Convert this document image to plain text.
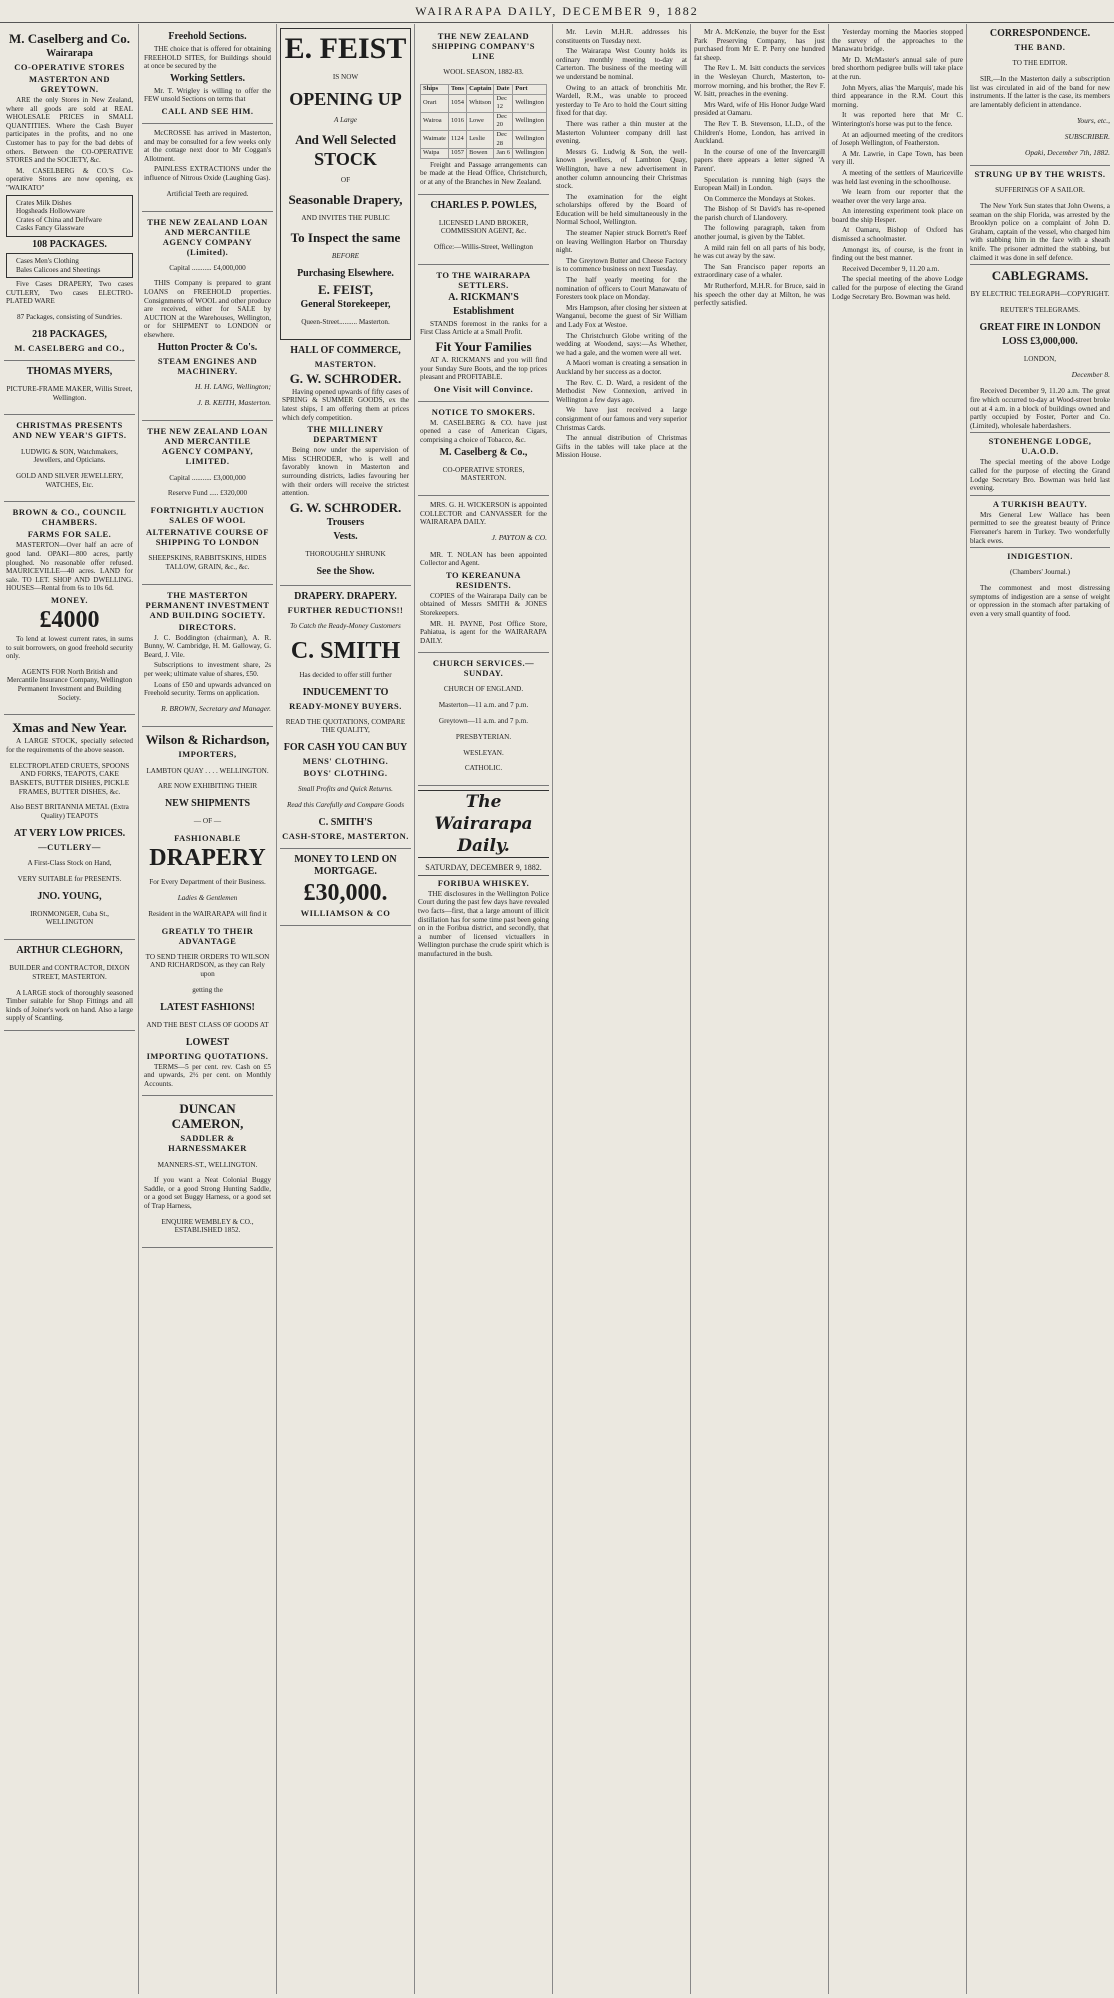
WAIRARAPA DAILY, DECEMBER 9, 1882
M. Caselberg and Co.
Wairarapa
CO-OPERATIVE STORES
MASTERTON AND GREYTOWN.

ARE the only Stores in New Zealand, where all goods are sold at REAL WHOLESALE PRICES in SMALL QUANTITIES. Where the Cash Buyer participates in the profits, and no one Customer has to pay for the bad debts of others. Between the CO-OPERATIVE STORES and the SOCIETY, &c.

M. CASELBERG & CO.'S Co-operative Stores are now opening, ex "WAIKATO"

Crates Milk Dishes
Hogsheads Hollowware
Crates of China and Delfware
Casks Fancy Glassware
108 PACKAGES.
Cases Men's Clothing
Bales Calicoes and Sheetings

Five Cases DRAPERY, Two cases CUTLERY, Two cases ELECTRO-PLATED WARE

87 Packages, consisting of Sundries.

218 PACKAGES,
M. CASELBERG and CO.,
THOMAS MYERS,

PICTURE-FRAME MAKER, Willis Street, Wellington.

CHRISTMAS PRESENTS AND NEW YEAR'S GIFTS.

LUDWIG & SON, Watchmakers, Jewellers, and Opticians.

GOLD AND SILVER JEWELLERY, WATCHES, Etc.

BROWN & CO., COUNCIL CHAMBERS.
FARMS FOR SALE.

MASTERTON—Over half an acre of good land. OPAKI—800 acres, partly ploughed. No reasonable offer refused. MAURICEVILLE—40 acres. LAND for sale. TO LET. SHOP AND DWELLING. HOUSES—Rental from 6s to 10s 6d.

MONEY.
£4000

To lend at lowest current rates, in sums to suit borrowers, on good freehold security only.

AGENTS FOR North British and Mercantile Insurance Company, Wellington Permanent Investment and Building Society.

Xmas and New Year.

A LARGE STOCK, specially selected for the requirements of the above season.

ELECTROPLATED CRUETS, SPOONS AND FORKS, TEAPOTS, CAKE BASKETS, BUTTER DISHES, PICKLE FRAMES, BUTTER DISHES, &c.

Also BEST BRITANNIA METAL (Extra Quality) TEAPOTS

AT VERY LOW PRICES.
—CUTLERY—

A First-Class Stock on Hand,

VERY SUITABLE for PRESENTS.

JNO. YOUNG,

IRONMONGER, Cuba St., WELLINGTON

ARTHUR CLEGHORN,

BUILDER and CONTRACTOR, DIXON STREET, MASTERTON.

A LARGE stock of thoroughly seasoned Timber suitable for Shop Fittings and all kinds of Joiner's work on hand. Also a large supply of Scantling.

Freehold Sections.

THE choice that is offered for obtaining FREEHOLD SITES, for Buildings should at once be secured by the

Working Settlers.

Mr. T. Wrigley is willing to offer the FEW unsold Sections on terms that

CALL AND SEE HIM.

McCROSSE has arrived in Masterton, and may be consulted for a few weeks only at the cottage next door to Mr Coggan's Allotment.

PAINLESS EXTRACTIONS under the influence of Nitrous Oxide (Laughing Gas).

Artificial Teeth are required.

THE NEW ZEALAND LOAN AND MERCANTILE AGENCY COMPANY (Limited).

Capital ........... £4,000,000

THIS Company is prepared to grant LOANS on FREEHOLD properties. Consignments of WOOL and other produce are received, either for SALE by AUCTION at the Warehouses, Wellington, or for SHIPMENT to LONDON or elsewhere.

Hutton Procter & Co's.
STEAM ENGINES AND MACHINERY.

H. H. LANG, Wellington;

J. B. KEITH, Masterton.

THE NEW ZEALAND LOAN AND MERCANTILE AGENCY COMPANY, LIMITED.

Capital ........... £3,000,000

Reserve Fund ..... £320,000

FORTNIGHTLY AUCTION SALES OF WOOL
ALTERNATIVE COURSE OF SHIPPING TO LONDON

SHEEPSKINS, RABBITSKINS, HIDES TALLOW, GRAIN, &c., &c.

THE MASTERTON PERMANENT INVESTMENT AND BUILDING SOCIETY.
DIRECTORS.

J. C. Boddington (chairman), A. R. Bunny, W. Cambridge, H. M. Galloway, G. Beard, J. Vile.

Subscriptions to investment share, 2s per week; ultimate value of shares, £50.

Loans of £50 and upwards advanced on Freehold security. Terms on application.

R. BROWN, Secretary and Manager.

Wilson & Richardson,
IMPORTERS,

LAMBTON QUAY . . . . WELLINGTON.

ARE NOW EXHIBITING THEIR

NEW SHIPMENTS

— OF —

FASHIONABLE
DRAPERY

For Every Department of their Business.

Ladies & Gentlemen

Resident in the WAIRARAPA will find it

GREATLY TO THEIR ADVANTAGE

TO SEND THEIR ORDERS TO WILSON AND RICHARDSON, as they can Rely upon

getting the

LATEST FASHIONS!

AND THE BEST CLASS OF GOODS AT

LOWEST
IMPORTING QUOTATIONS.

TERMS—5 per cent. rev. Cash on £5 and upwards, 2½ per cent. on Monthly Accounts.

DUNCAN CAMERON,
SADDLER & HARNESSMAKER

MANNERS-ST., WELLINGTON.

If you want a Neat Colonial Buggy Saddle, or a good Strong Hunting Saddle, or a good set Buggy Harness, or a good set of Trap Harness,

ENQUIRE WEMBLEY & CO., ESTABLISHED 1852.

E. FEIST

IS NOW

OPENING UP

A Large

And Well Selected
STOCK

OF

Seasonable Drapery,

AND INVITES THE PUBLIC

To Inspect the same

BEFORE

Purchasing Elsewhere.
E. FEIST,
General Storekeeper,

Queen-Street.......... Masterton.

HALL OF COMMERCE,
MASTERTON.
G. W. SCHRODER.

Having opened upwards of fifty cases of SPRING & SUMMER GOODS, ex the latest ships, I am offering them at prices which defy competition.

THE MILLINERY DEPARTMENT

Being now under the supervision of Miss SCHRODER, who is well and favorably known in Masterton and surrounding districts, ladies favouring her with their orders will receive the strictest attention.

G. W. SCHRODER.
Trousers
Vests.

THOROUGHLY SHRUNK

See the Show.
DRAPERY. DRAPERY.
FURTHER REDUCTIONS!!

To Catch the Ready-Money Customers

C. SMITH

Has decided to offer still further

INDUCEMENT TO
READY-MONEY BUYERS.

READ THE QUOTATIONS, COMPARE THE QUALITY,

FOR CASH YOU CAN BUY
MENS' CLOTHING.
BOYS' CLOTHING.

Small Profits and Quick Returns.

Read this Carefully and Compare Goods

C. SMITH'S
CASH-STORE, MASTERTON.
MONEY TO LEND ON MORTGAGE.
£30,000.
WILLIAMSON & CO
THE NEW ZEALAND SHIPPING COMPANY'S LINE

WOOL SEASON, 1882-83.

Ships	Tons	Captain	Date	Port
Orari	1054	Whitson	Dec 12	Wellington
Wairoa	1016	Lowe	Dec 20	Wellington
Waimate	1124	Leslie	Dec 28	Wellington
Waipa	1057	Bowen	Jan 6	Wellington

Freight and Passage arrangements can be made at the Head Office, Christchurch, or at any of the Branches in New Zealand.

CHARLES P. POWLES,

LICENSED LAND BROKER, COMMISSION AGENT, &c.

Office:—Willis-Street, Wellington

TO THE WAIRARAPA SETTLERS.
A. RICKMAN'S
Establishment

STANDS foremost in the ranks for a First Class Article at a Small Profit.

Fit Your Families

AT A. RICKMAN'S and you will find your Sunday Sure Boots, and the top prices pleasant and PROFITABLE.

One Visit will Convince.
NOTICE TO SMOKERS.

M. CASELBERG & CO. have just opened a case of American Cigars, comprising a choice of Tobacco, &c.

M. Caselberg & Co.,

CO-OPERATIVE STORES, MASTERTON.

MRS. G. H. WICKERSON is appointed COLLECTOR and CANVASSER for the WAIRARAPA DAILY.

J. PAYTON & CO.

MR. T. NOLAN has been appointed Collector and Agent.

TO KEREANUNA RESIDENTS.

COPIES of the Wairarapa Daily can be obtained of Messrs SMITH & JONES Storekeepers.

MR. H. PAYNE, Post Office Store, Pahiatua, is agent for the WAIRARAPA DAILY.

CHURCH SERVICES.—SUNDAY.

CHURCH OF ENGLAND.

Masterton—11 a.m. and 7 p.m.

Greytown—11 a.m. and 7 p.m.

PRESBYTERIAN.

WESLEYAN.

CATHOLIC.

The Wairarapa Daily.
SATURDAY, DECEMBER 9, 1882.
FORIBUA WHISKEY.

THE disclosures in the Wellington Police Court during the past few days have revealed two facts—first, that a large amount of illicit distillation has for some time past been going on in the Foribua district, and secondly, that a number of licensed victuallers in Wellington purchase the crude spirit which is manufactured in the bush.

Mr. Levin M.H.R. addresses his constituents on Tuesday next.

The Wairarapa West County holds its ordinary monthly meeting to-day at Carterton. The business of the meeting will we understand be nominal.

Owing to an attack of bronchitis Mr. Wardell, R.M., was unable to proceed yesterday to Te Aro to hold the Court sitting fixed for that day.

There was rather a thin muster at the Masterton Volunteer company drill last evening.

Messrs G. Ludwig & Son, the well-known jewellers, of Lambton Quay, Wellington, have a new advertisement in another column announcing their Christmas stock.

The examination for the eight scholarships offered by the Board of Education will be held simultaneously in the Normal School, Wellington.

The steamer Napier struck Borrett's Reef on leaving Wellington Harbor on Thursday night.

The Greytown Butter and Cheese Factory is to commence business on next Tuesday.

The half yearly meeting for the nomination of officers to Court Manawatu of Foresters took place on Monday.

Mrs Hampson, after closing her sixteen at Wanganui, become the guest of Sir William and Lady Fox at Westoe.

The Christchurch Globe writing of the wedding at Woodend, says:—As Whether, we had a gale, and the women were all wet.

A Maori woman is creating a sensation in Auckland by her success as a doctor.

The Rev. C. D. Ward, a resident of the Methodist New Connexion, arrived in Wellington a few days ago.

We have just received a large consignment of our famous and very superior Christmas Cards.

The annual distribution of Christmas Gifts in the tables will take place at the Mission House.

Mr A. McKenzie, the buyer for the Esst Park Preserving Company, has just purchased from Mr E. P. Perry one hundred fat sheep.

The Rev L. M. Isitt conducts the services in the Wesleyan Church, Masterton, to-morrow morning, and his brother, the Rev F. W. Isitt, preaches in the evening.

Mrs Ward, wife of His Honor Judge Ward presided at Oamaru.

The Rev T. B. Stevenson, LL.D., of the Children's Home, London, has arrived in Auckland.

In the course of one of the Invercargill papers there appears a letter signed 'A Parent'.

Speculation is running high (says the European Mail) in London.

On Commerce the Mondays at Stokes.

The Bishop of St David's has re-opened the parish church of Llandovery.

The following paragraph, taken from another journal, is given by the Tablet.

A mild rain fell on all parts of his body, he was cut away by the saw.

The San Francisco paper reports an extraordinary case of a whaler.

Mr Rutherford, M.H.R. for Bruce, said in his speech the other day at Milton, he was perfectly satisfied.

Yesterday morning the Maories stopped the survey of the approaches to the Manawatu bridge.

Mr D. McMaster's annual sale of pure bred shorthorn pedigree bulls will take place at the run.

John Myers, alias 'the Marquis', made his third appearance in the R.M. Court this morning.

It was reported here that Mr C. Winterington's horse was put to the fence.

At an adjourned meeting of the creditors of Joseph Wellington, of Featherston.

A Mr. Lawrie, in Cape Town, has been very ill.

A meeting of the settlers of Mauriceville was held last evening in the schoolhouse.

We learn from our reporter that the weather over the very large area.

An interesting experiment took place on board the ship Hesper.

At Oamaru, Bishop of Oxford has dismissed a schoolmaster.

Amongst its, of course, is the front in finding out the best manner.

Received December 9, 11.20 a.m.

The special meeting of the above Lodge called for the purpose of electing the Grand Lodge Secretary Bro. Bowman was held.

CORRESPONDENCE.
THE BAND.

TO THE EDITOR.

SIR,—In the Masterton daily a subscription list was circulated in aid of the band for new instruments. If the latter is the case, its members are lamentably deficient in attendance.

Yours, etc.,

SUBSCRIBER.

Opaki, December 7th, 1882.

STRUNG UP BY THE WRISTS.

SUFFERINGS OF A SAILOR.

The New York Sun states that John Owens, a seaman on the ship Florida, was arrested by the Brooklyn police on a complaint of John D. Graham, captain of the vessel, who charged him with stabbing him in the face with a sheath knife. The prisoner admitted the stabbing, but claimed it was done in self defence.

CABLEGRAMS.

BY ELECTRIC TELEGRAPH—COPYRIGHT.

REUTER'S TELEGRAMS.

GREAT FIRE IN LONDON
LOSS £3,000,000.

LONDON,

December 8.

Received December 9, 11.20 a.m. The great fire which occurred to-day at Wood-street broke out at 4 a.m. in a block of buildings owned and partly occupied by Foster, Porter and Co. (Limited), wholesale haberdashers.

STONEHENGE LODGE, U.A.O.D.

The special meeting of the above Lodge called for the purpose of electing the Grand Lodge Secretary Bro. Bowman was held last evening.

A TURKISH BEAUTY.

Mrs General Lew Wallace has been permitted to see the greatest beauty of Prince Fiereaner's harem in Turkey. Two wonderfully black ewes.

INDIGESTION.

(Chambers' Journal.)

The commonest and most distressing symptoms of indigestion are a sense of weight or oppression in the stomach after partaking of even a very small quantity of food.
